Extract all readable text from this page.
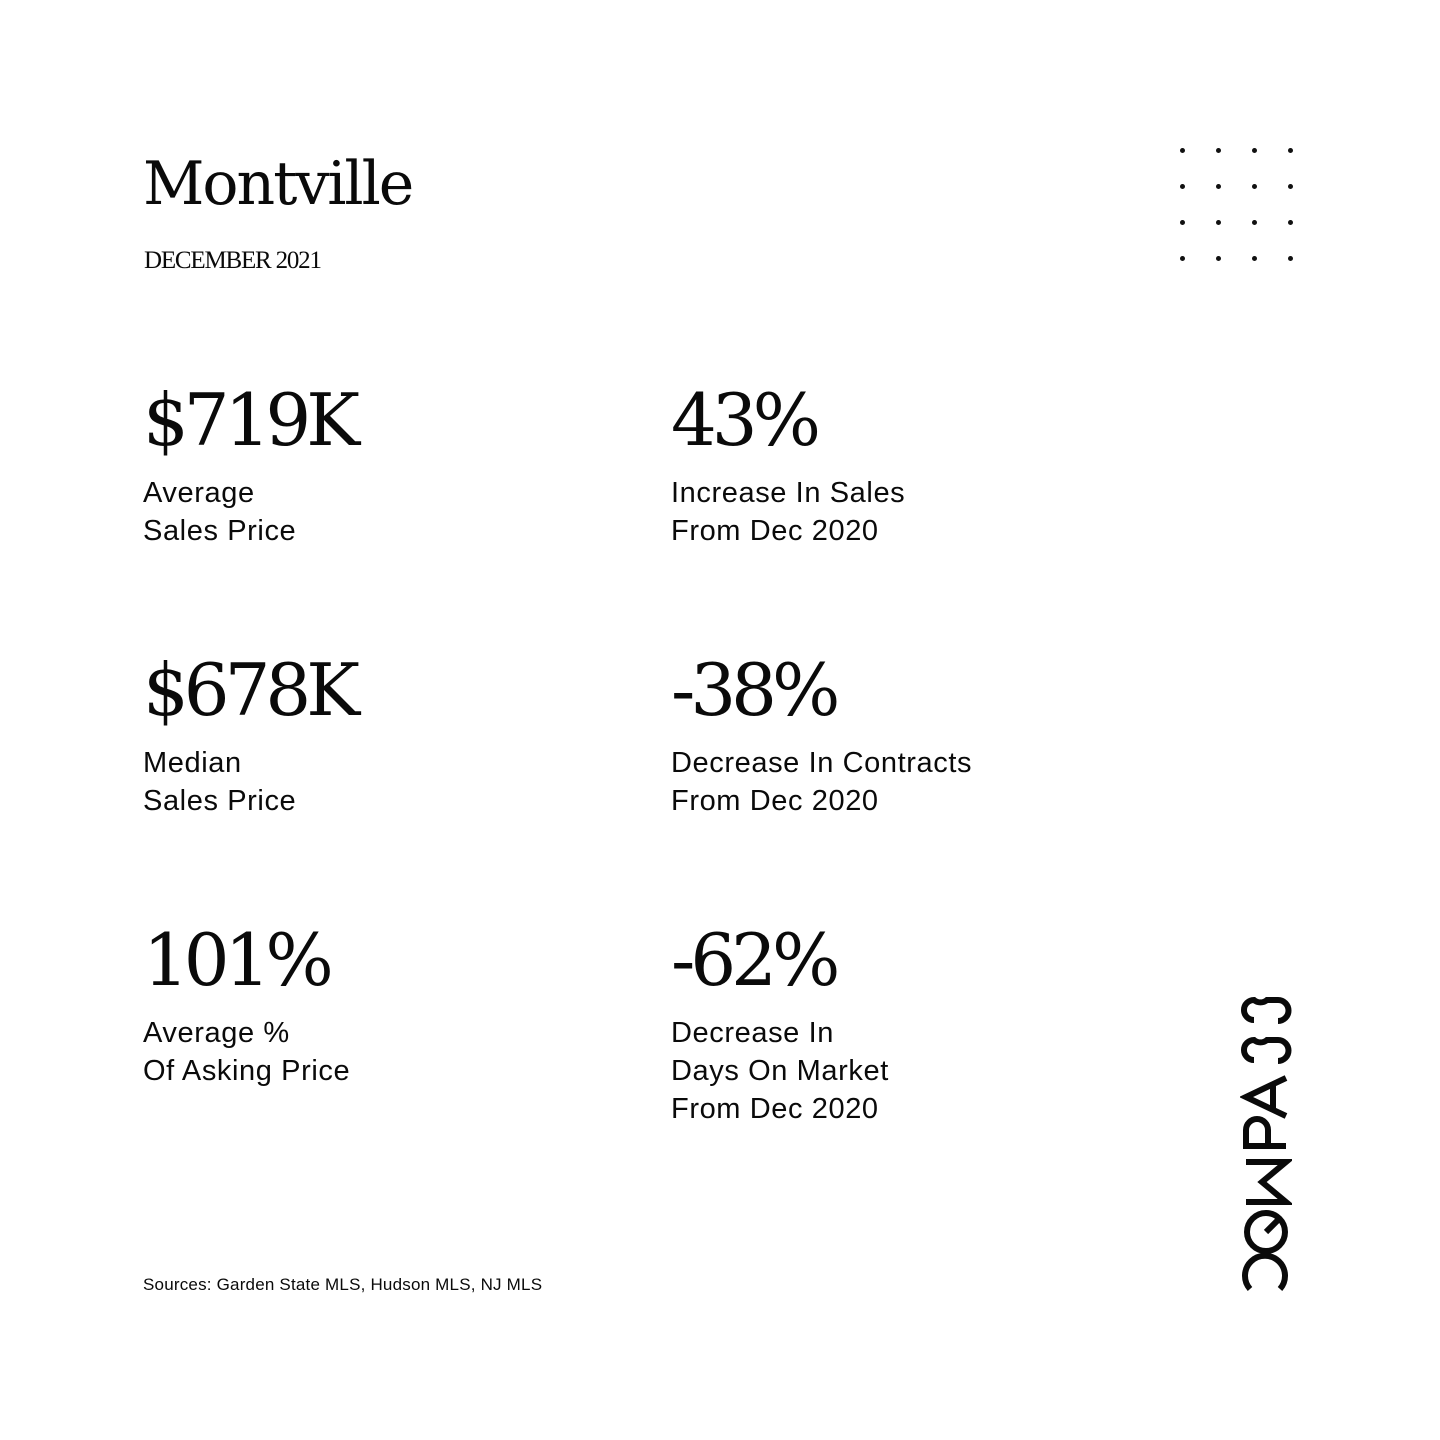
Montville
DECEMBER 2021
$719K
Average
Sales Price
43%
Increase In Sales
From Dec 2020
$678K
Median
Sales Price
-38%
Decrease In Contracts
From Dec 2020
101%
Average %
Of Asking Price
-62%
Decrease In
Days On Market
From Dec 2020
Sources: Garden State MLS, Hudson MLS, NJ MLS
